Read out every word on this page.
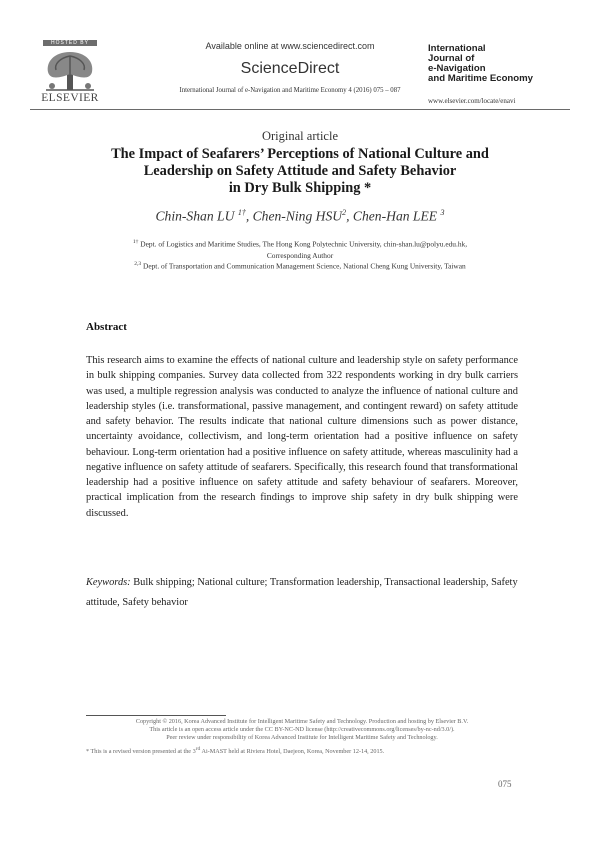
HOSTED BY
ELSEVIER
Available online at www.sciencedirect.com
ScienceDirect
International Journal of e-Navigation and Maritime Economy 4 (2016) 075 – 087
International
Journal of
e-Navigation
and Maritime Economy
www.elsevier.com/locate/enavi
Original article
The Impact of Seafarers’ Perceptions of National Culture and
Leadership on Safety Attitude and Safety Behavior
in Dry Bulk Shipping *
Chin-Shan LU $^{1\dagger}$, Chen-Ning HSU$^2$, Chen-Han LEE $^3$
$^{1\dagger}$ Dept. of Logistics and Maritime Studies, The Hong Kong Polytechnic University, chin-shan.lu@polyu.edu.hk,
Corresponding Author
$^{2,3}$ Dept. of Transportation and Communication Management Science, National Cheng Kung University, Taiwan
Abstract
This research aims to examine the effects of national culture and leadership style on safety performance in bulk shipping companies. Survey data collected from 322 respondents working in dry bulk carriers was used, a multiple regression analysis was conducted to analyze the influence of national culture and leadership styles (i.e. transformational, passive management, and contingent reward) on safety attitude and safety behavior. The results indicate that national culture dimensions such as power distance, uncertainty avoidance, collectivism, and long-term orientation had a positive influence on safety behaviour. Long-term orientation had a positive influence on safety attitude, whereas masculinity had a negative influence on safety attitude of seafarers. Specifically, this research found that transformational leadership had a positive influence on safety attitude and safety behaviour of seafarers. Moreover, practical implication from the research findings to improve ship safety in dry bulk shipping were discussed.
Keywords: Bulk shipping; National culture; Transformation leadership, Transactional leadership, Safety attitude, Safety behavior
Copyright © 2016, Korea Advanced Institute for Intelligent Maritime Safety and Technology. Production and hosting by Elsevier B.V.
This article is an open access article under the CC BY-NC-ND license (http://creativecommons.org/licenses/by-nc-nd/3.0/).
Peer review under responsibility of Korea Advanced Institute for Intelligent Maritime Safety and Technology.
* This is a revised version presented at the 3rd Ai-MAST held at Riviera Hotel, Daejeon, Korea, November 12-14, 2015.
075
